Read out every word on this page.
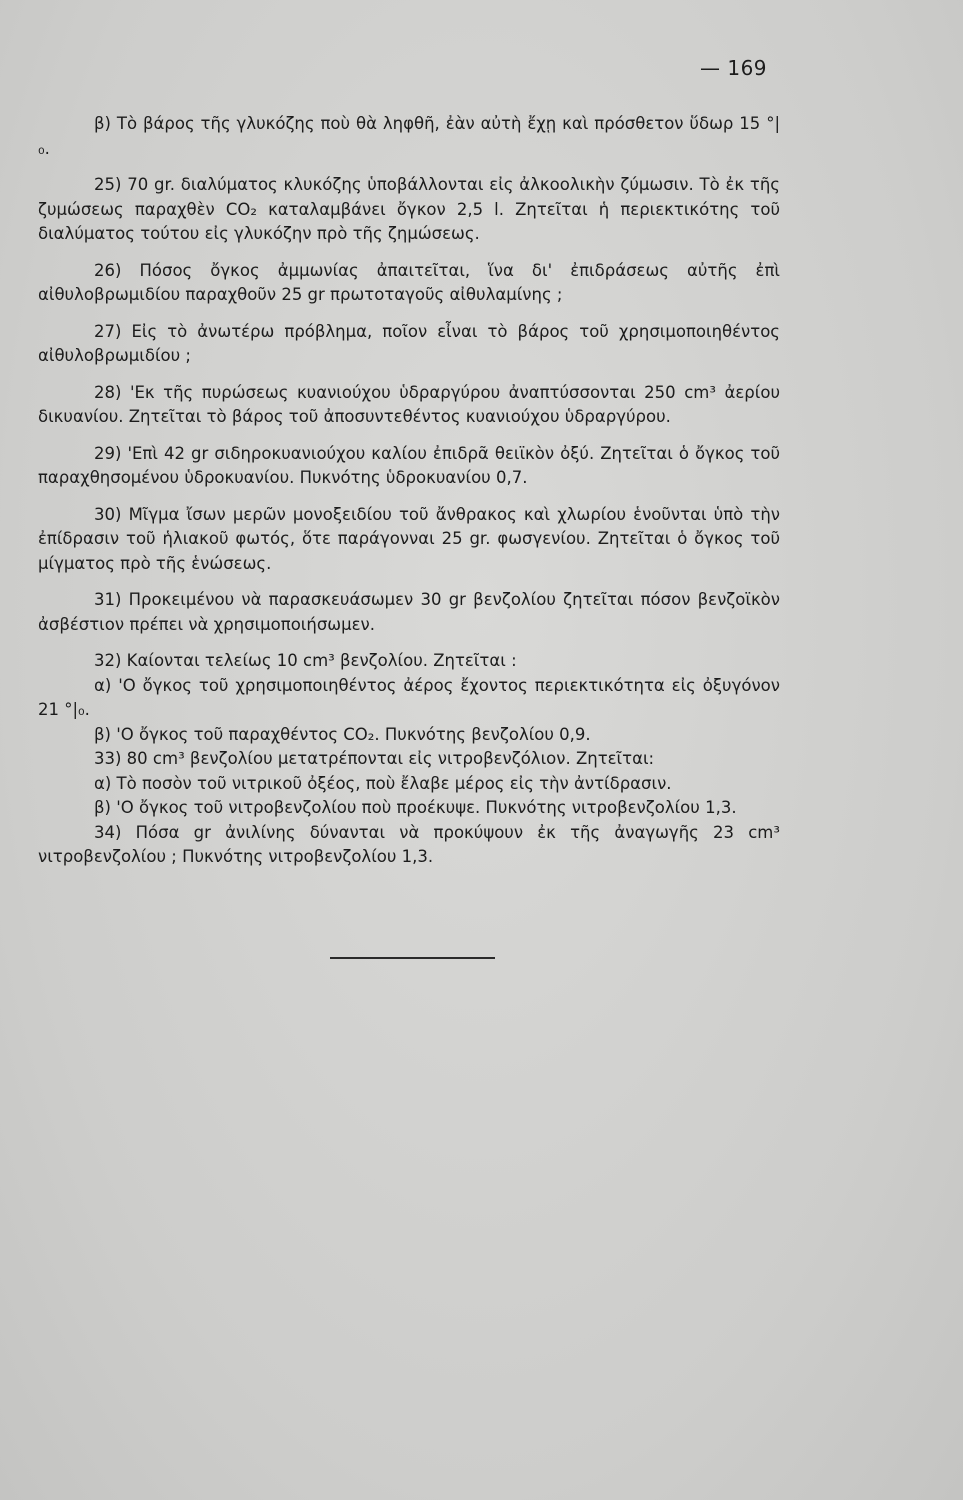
— 169

β) Τὸ βάρος τῆς γλυκόζης ποὺ θὰ ληφθῆ, ἐὰν αὐτὴ ἔχῃ καὶ πρόσθετον ὕδωρ 15 °|₀.

25) 70 gr. διαλύματος κλυκόζης ὑποβάλλονται εἰς ἀλκοολικὴν ζύμωσιν. Τὸ ἐκ τῆς ζυμώσεως παραχθὲν CO₂ καταλαμβάνει ὄγκον 2,5 l. Ζητεῖται ἡ περιεκτικότης τοῦ διαλύματος τούτου εἰς γλυκόζην πρὸ τῆς ζημώσεως.

26) Πόσος ὄγκος ἀμμωνίας ἀπαιτεῖται, ἵνα δι' ἐπιδράσεως αὐτῆς ἐπὶ αἰθυλοβρωμιδίου παραχθοῦν 25 gr πρωτοταγοῦς αἰθυλαμίνης ;

27) Εἰς τὸ ἀνωτέρω πρόβλημα, ποῖον εἶναι τὸ βάρος τοῦ χρησιμοποιηθέντος αἰθυλοβρωμιδίου ;

28) 'Εκ τῆς πυρώσεως κυανιούχου ὑδραργύρου ἀναπτύσσονται 250 cm³ ἀερίου δικυανίου. Ζητεῖται τὸ βάρος τοῦ ἀποσυντεθέντος κυανιούχου ὑδραργύρου.

29) 'Επὶ 42 gr σιδηροκυανιούχου καλίου ἐπιδρᾶ θειϊκὸν ὀξύ. Ζητεῖται ὁ ὄγκος τοῦ παραχθησομένου ὑδροκυανίου. Πυκνότης ὑδροκυανίου 0,7.

30) Μῖγμα ἴσων μερῶν μονοξειδίου τοῦ ἄνθρακος καὶ χλωρίου ἑνοῦνται ὑπὸ τὴν ἐπίδρασιν τοῦ ἡλιακοῦ φωτός, ὅτε παράγονναι 25 gr. φωσγενίου. Ζητεῖται ὁ ὄγκος τοῦ μίγματος πρὸ τῆς ἑνώσεως.

31) Προκειμένου νὰ παρασκευάσωμεν 30 gr βενζολίου ζητεῖται πόσον βενζοϊκὸν ἀσβέστιον πρέπει νὰ χρησιμοποιήσωμεν.

32) Καίονται τελείως 10 cm³ βενζολίου. Ζητεῖται :

α) 'Ο ὄγκος τοῦ χρησιμοποιηθέντος ἀέρος ἔχοντος περιεκτικότητα εἰς ὀξυγόνον 21 °|₀.

β) 'Ο ὄγκος τοῦ παραχθέντος CO₂. Πυκνότης βενζολίου 0,9.

33) 80 cm³ βενζολίου μετατρέπονται εἰς νιτροβενζόλιον. Ζητεῖται:

α) Τὸ ποσὸν τοῦ νιτρικοῦ ὀξέος, ποὺ ἔλαβε μέρος εἰς τὴν ἀντίδρασιν.

β) 'Ο ὄγκος τοῦ νιτροβενζολίου ποὺ προέκυψε. Πυκνότης νιτροβενζολίου 1,3.

34) Πόσα gr ἀνιλίνης δύνανται νὰ προκύψουν ἐκ τῆς ἀναγωγῆς 23 cm³ νιτροβενζολίου ; Πυκνότης νιτροβενζολίου 1,3.
